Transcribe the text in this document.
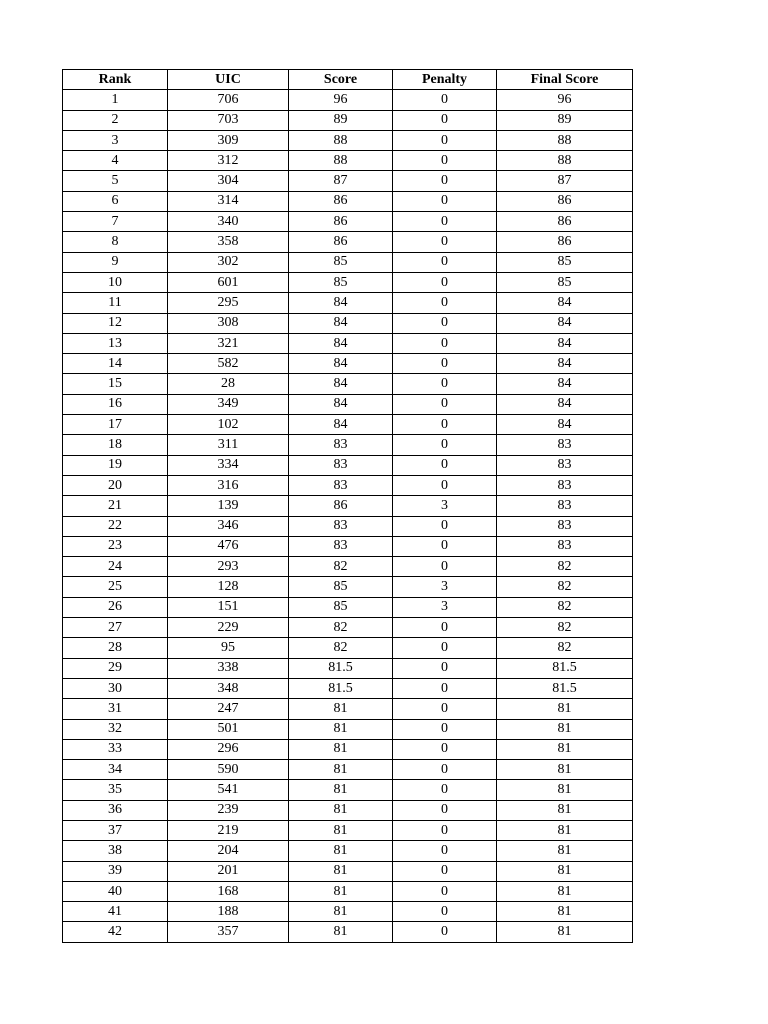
Rank	UIC	Score	Penalty	Final Score
1	706	96	0	96
2	703	89	0	89
3	309	88	0	88
4	312	88	0	88
5	304	87	0	87
6	314	86	0	86
7	340	86	0	86
8	358	86	0	86
9	302	85	0	85
10	601	85	0	85
11	295	84	0	84
12	308	84	0	84
13	321	84	0	84
14	582	84	0	84
15	28	84	0	84
16	349	84	0	84
17	102	84	0	84
18	311	83	0	83
19	334	83	0	83
20	316	83	0	83
21	139	86	3	83
22	346	83	0	83
23	476	83	0	83
24	293	82	0	82
25	128	85	3	82
26	151	85	3	82
27	229	82	0	82
28	95	82	0	82
29	338	81.5	0	81.5
30	348	81.5	0	81.5
31	247	81	0	81
32	501	81	0	81
33	296	81	0	81
34	590	81	0	81
35	541	81	0	81
36	239	81	0	81
37	219	81	0	81
38	204	81	0	81
39	201	81	0	81
40	168	81	0	81
41	188	81	0	81
42	357	81	0	81
